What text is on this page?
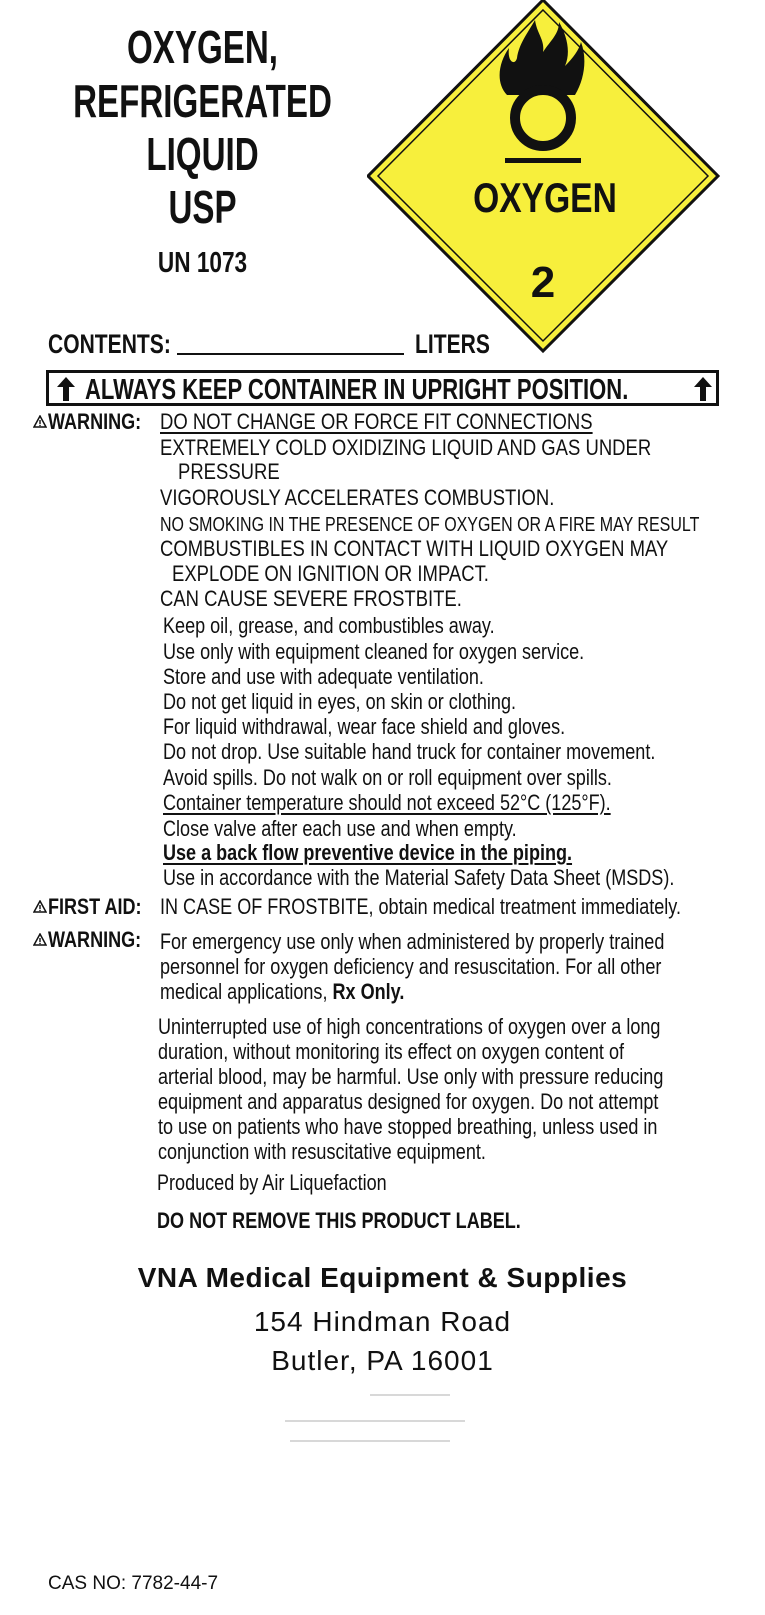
OXYGEN,
REFRIGERATED
LIQUID
USP
UN 1073
OXYGEN
2
CONTENTS:	LITERS
ALWAYS KEEP CONTAINER IN UPRIGHT POSITION.
WARNING: DO NOT CHANGE OR FORCE FIT CONNECTIONS
EXTREMELY COLD OXIDIZING LIQUID AND GAS UNDER
PRESSURE
VIGOROUSLY ACCELERATES COMBUSTION.
NO SMOKING IN THE PRESENCE OF OXYGEN OR A FIRE MAY RESULT
COMBUSTIBLES IN CONTACT WITH LIQUID OXYGEN MAY
EXPLODE ON IGNITION OR IMPACT.
CAN CAUSE SEVERE FROSTBITE.
Keep oil, grease, and combustibles away.
Use only with equipment cleaned for oxygen service.
Store and use with adequate ventilation.
Do not get liquid in eyes, on skin or clothing.
For liquid withdrawal, wear face shield and gloves.
Do not drop. Use suitable hand truck for container movement.
Avoid spills. Do not walk on or roll equipment over spills.
Container temperature should not exceed 52°C (125°F).
Close valve after each use and when empty.
Use a back flow preventive device in the piping.
Use in accordance with the Material Safety Data Sheet (MSDS).
FIRST AID: IN CASE OF FROSTBITE, obtain medical treatment immediately.
WARNING: For emergency use only when administered by properly trained
personnel for oxygen deficiency and resuscitation. For all other
medical applications, Rx Only.
Uninterrupted use of high concentrations of oxygen over a long
duration, without monitoring its effect on oxygen content of
arterial blood, may be harmful. Use only with pressure reducing
equipment and apparatus designed for oxygen. Do not attempt
to use on patients who have stopped breathing, unless used in
conjunction with resuscitative equipment.
Produced by Air Liquefaction
DO NOT REMOVE THIS PRODUCT LABEL.
VNA Medical Equipment & Supplies
154 Hindman Road
Butler, PA 16001
CAS NO: 7782-44-7
